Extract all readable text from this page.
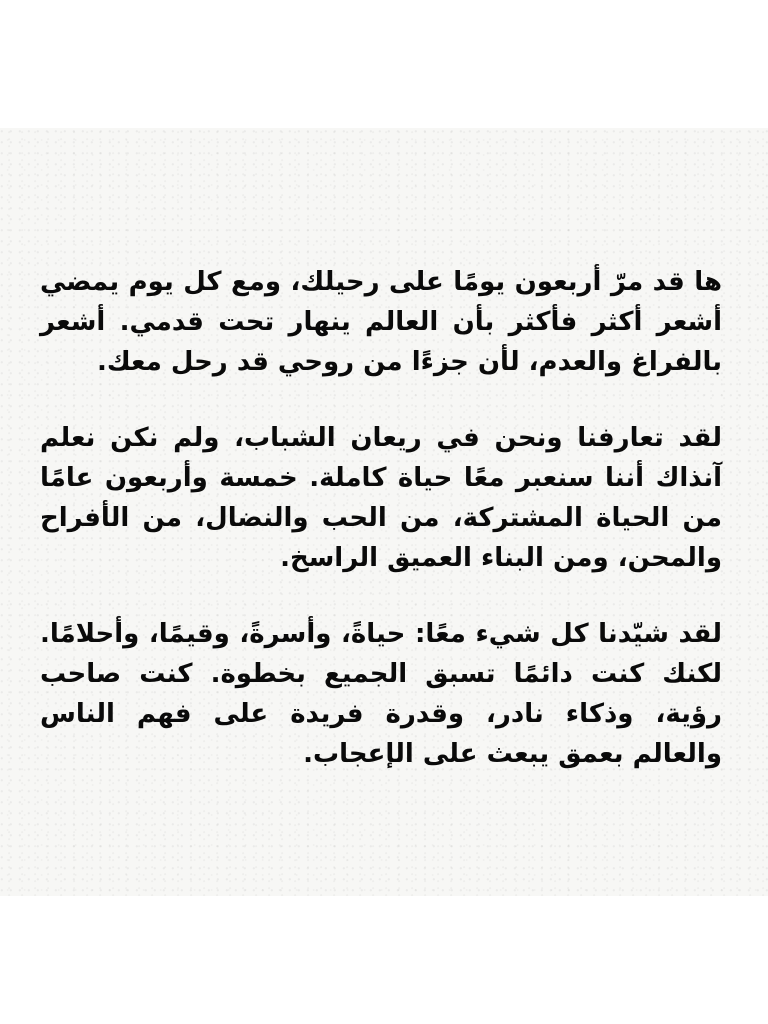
ها قد مرّ أربعون يومًا على رحيلك، ومع كل يوم يمضي أشعر أكثر فأكثر بأن العالم ينهار تحت قدمي. أشعر بالفراغ والعدم، لأن جزءًا من روحي قد رحل معك.

لقد تعارفنا ونحن في ريعان الشباب، ولم نكن نعلم آنذاك أننا سنعبر معًا حياة كاملة. خمسة وأربعون عامًا من الحياة المشتركة، من الحب والنضال، من الأفراح والمحن، ومن البناء العميق الراسخ.

لقد شيّدنا كل شيء معًا: حياةً، وأسرةً، وقيمًا، وأحلامًا. لكنك كنت دائمًا تسبق الجميع بخطوة. كنت صاحب رؤية، وذكاء نادر، وقدرة فريدة على فهم الناس والعالم بعمق يبعث على الإعجاب.
